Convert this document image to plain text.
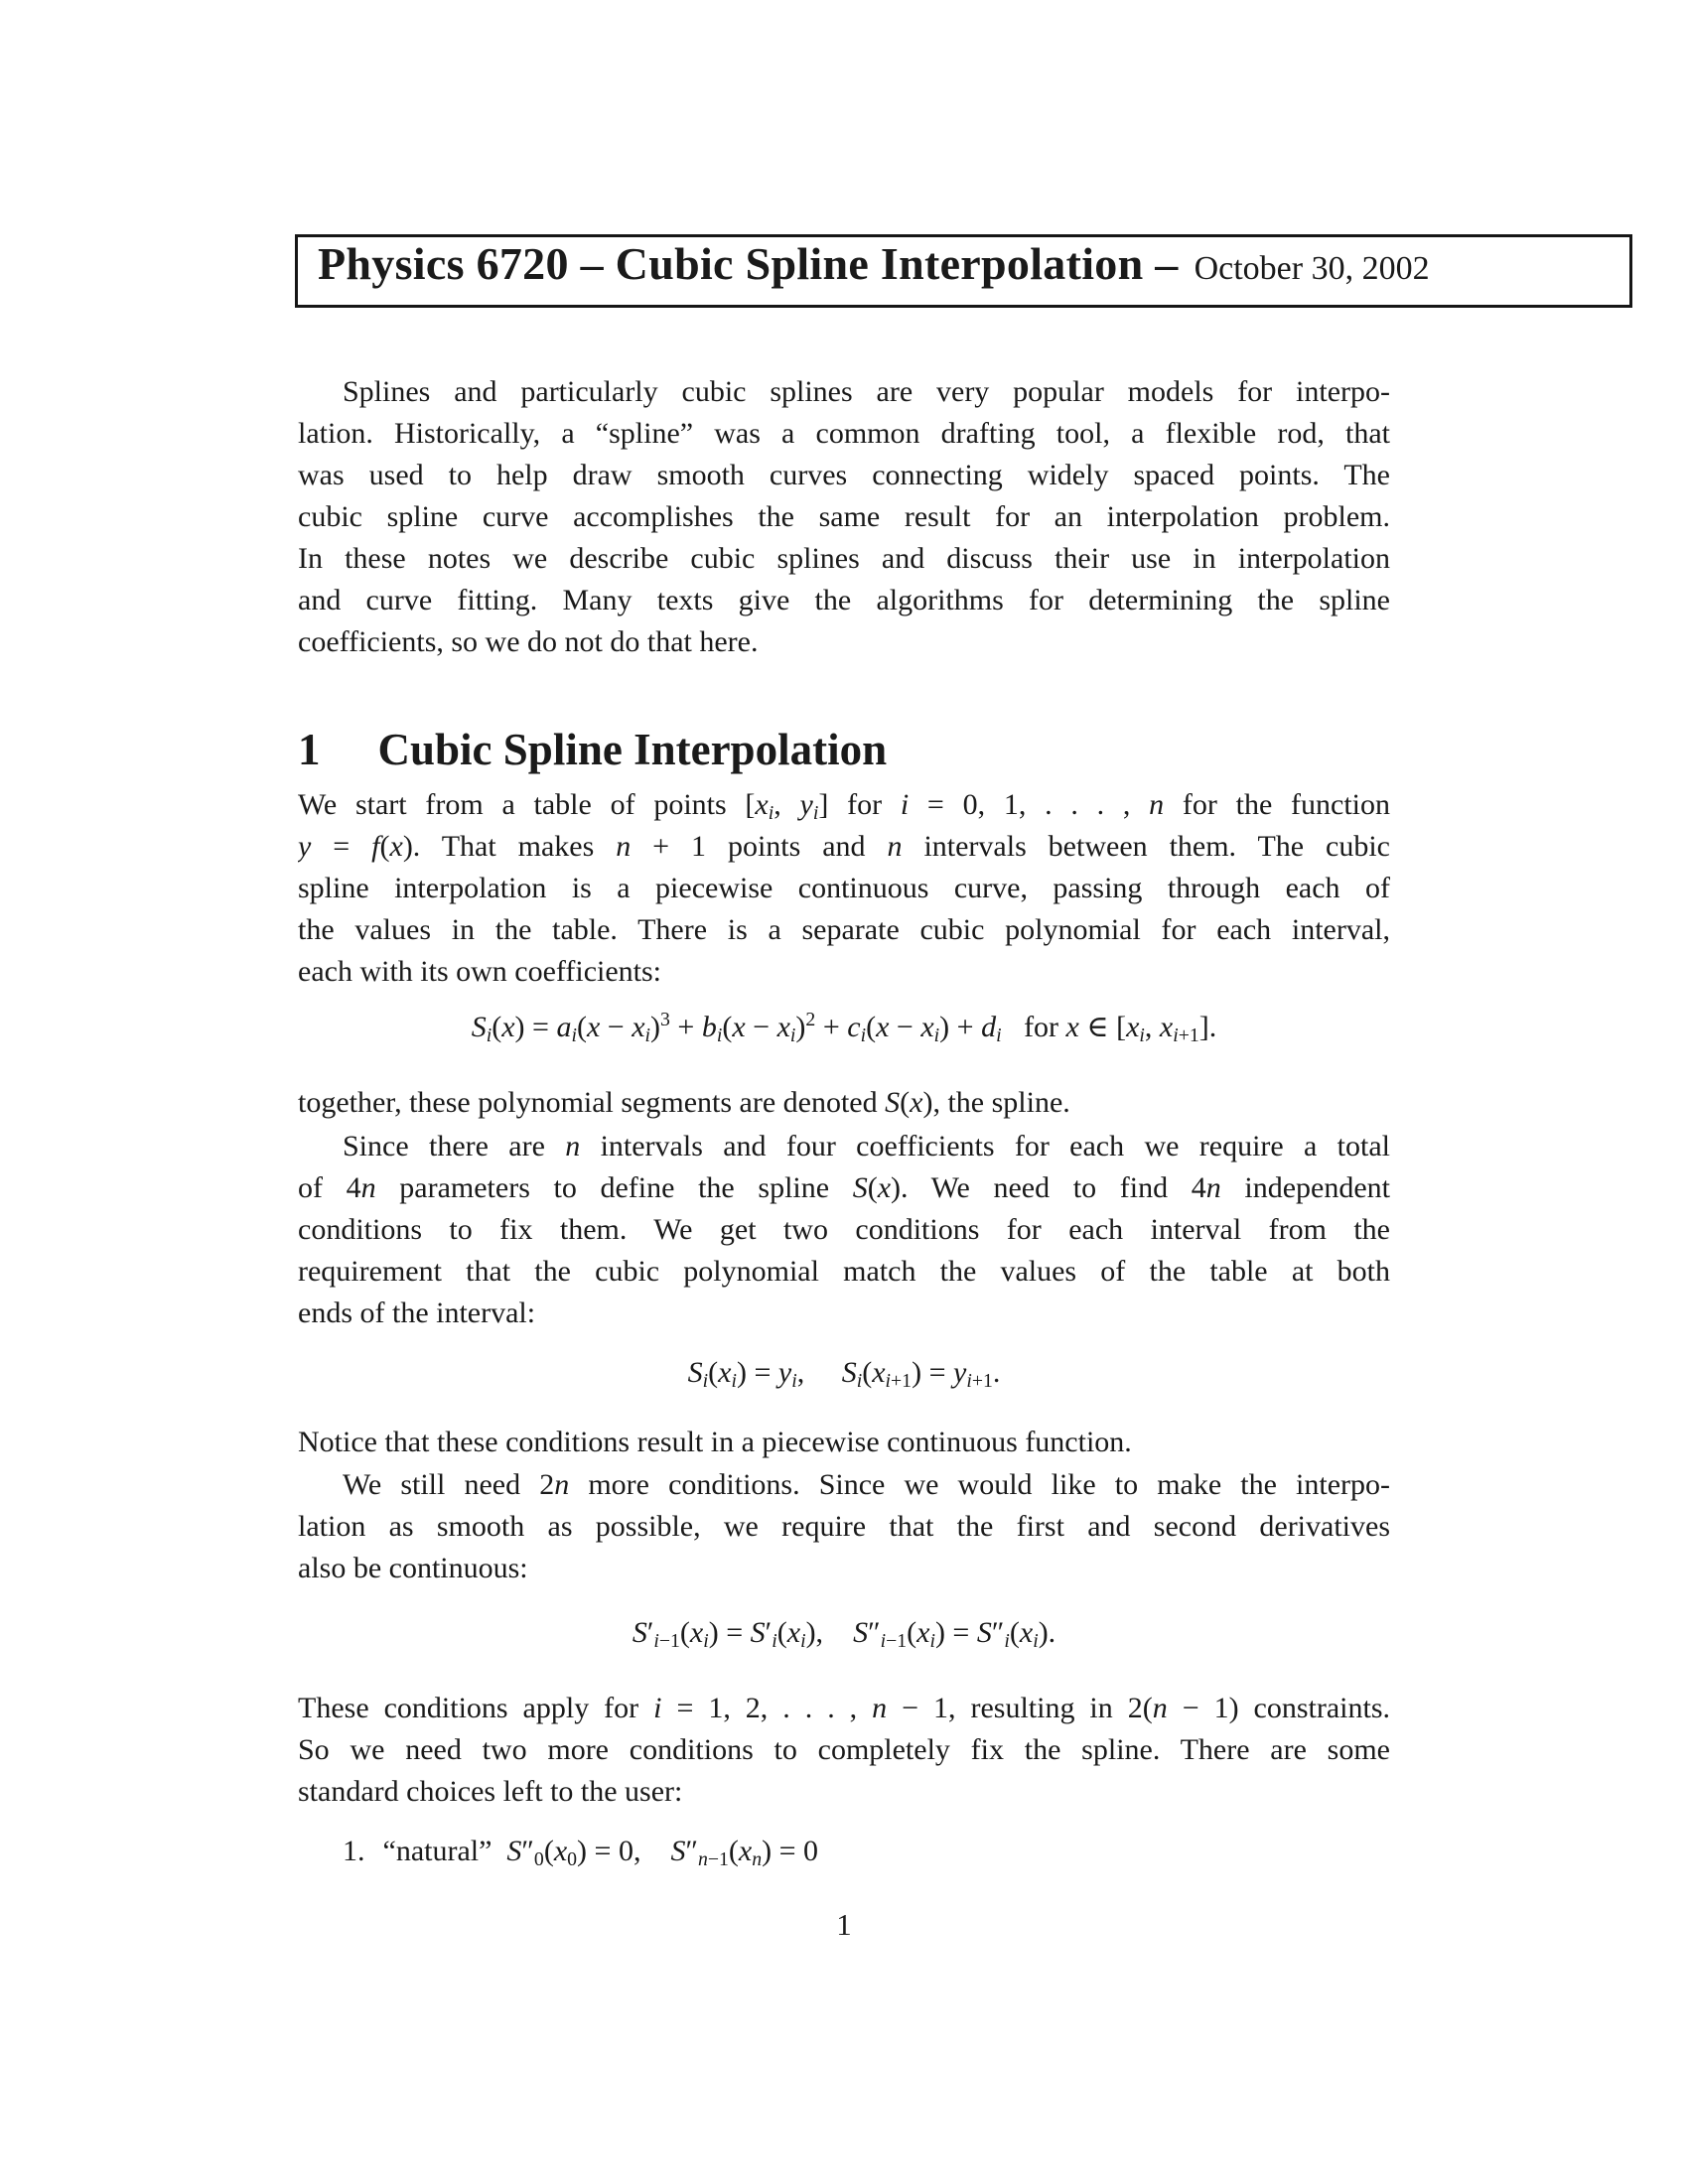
Physics 6720 – Cubic Spline Interpolation – October 30, 2002
Splines and particularly cubic splines are very popular models for interpo-
lation. Historically, a “spline” was a common drafting tool, a flexible rod, that
was used to help draw smooth curves connecting widely spaced points. The
cubic spline curve accomplishes the same result for an interpolation problem.
In these notes we describe cubic splines and discuss their use in interpolation
and curve fitting. Many texts give the algorithms for determining the spline
coefficients, so we do not do that here.
1 Cubic Spline Interpolation
We start from a table of points [$x_i$, $y_i$] for i = 0, 1, . . . , n for the function
y = f(x). That makes n + 1 points and n intervals between them. The cubic
spline interpolation is a piecewise continuous curve, passing through each of
the values in the table. There is a separate cubic polynomial for each interval,
each with its own coefficients:
$S_i(x) = a_i(x - x_i)^3 + b_i(x - x_i)^2 + c_i(x - x_i) + d_i$   for x ∈ [$x_i$, $x_{i+1}$].
together, these polynomial segments are denoted S(x), the spline.
Since there are n intervals and four coefficients for each we require a total
of 4n parameters to define the spline S(x). We need to find 4n independent
conditions to fix them. We get two conditions for each interval from the
requirement that the cubic polynomial match the values of the table at both
ends of the interval:
$S_i(x_i) = y_i$,     $S_i(x_{i+1}) = y_{i+1}$.
Notice that these conditions result in a piecewise continuous function.
We still need 2n more conditions. Since we would like to make the interpo-
lation as smooth as possible, we require that the first and second derivatives
also be continuous:
$S'_{i-1}(x_i) = S'_i(x_i)$,    $S''_{i-1}(x_i) = S''_i(x_i)$.
These conditions apply for i = 1, 2, . . . , n − 1, resulting in 2(n − 1) constraints.
So we need two more conditions to completely fix the spline. There are some
standard choices left to the user:
1. “natural”  $S''_0(x_0) = 0$,    $S''_{n-1}(x_n) = 0$
1
